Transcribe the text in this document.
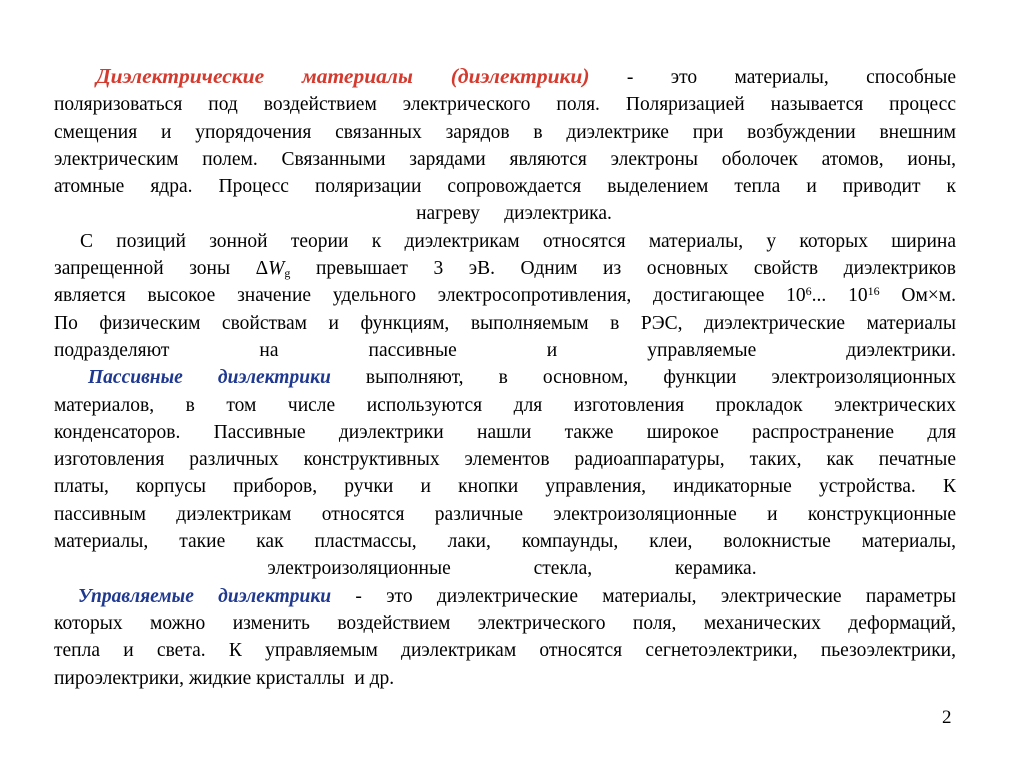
Диэлектрические материалы (диэлектрики) - это материалы, способные

поляризоваться под воздействием электрического поля. Поляризацией называется процесс

смещения и упорядочения связанных зарядов в диэлектрике при возбуждении внешним

электрическим полем. Связанными зарядами являются электроны оболочек атомов, ионы,

атомные ядра. Процесс поляризации сопровождается выделением тепла и приводит к

нагреву     диэлектрика.

С позиций зонной теории к диэлектрикам относятся материалы, у которых ширина

запрещенной зоны $\Delta W_g$ превышает 3 эВ. Одним из основных свойств диэлектриков

является высокое значение удельного электросопротивления, достигающее $10^6$... $10^{16}$ Ом×м.

По физическим свойствам и функциям, выполняемым в РЭС, диэлектрические материалы

подразделяют на пассивные и управляемые диэлектрики.

Пассивные диэлектрики выполняют, в основном, функции электроизоляционных

материалов, в том числе используются для изготовления прокладок электрических

конденсаторов. Пассивные диэлектрики нашли также широкое распространение для

изготовления различных конструктивных элементов радиоаппаратуры, таких, как печатные

платы, корпусы приборов, ручки и кнопки управления, индикаторные устройства. К

пассивным диэлектрикам относятся различные электроизоляционные и конструкционные

материалы, такие как пластмассы, лаки, компаунды, клеи, волокнистые материалы,

электроизоляционные стекла, керамика.

Управляемые диэлектрики - это диэлектрические материалы, электрические параметры

которых можно изменить воздействием электрического поля, механических деформаций,

тепла и света. К управляемым диэлектрикам относятся сегнетоэлектрики, пьезоэлектрики,

пироэлектрики, жидкие кристаллы  и др.

2
